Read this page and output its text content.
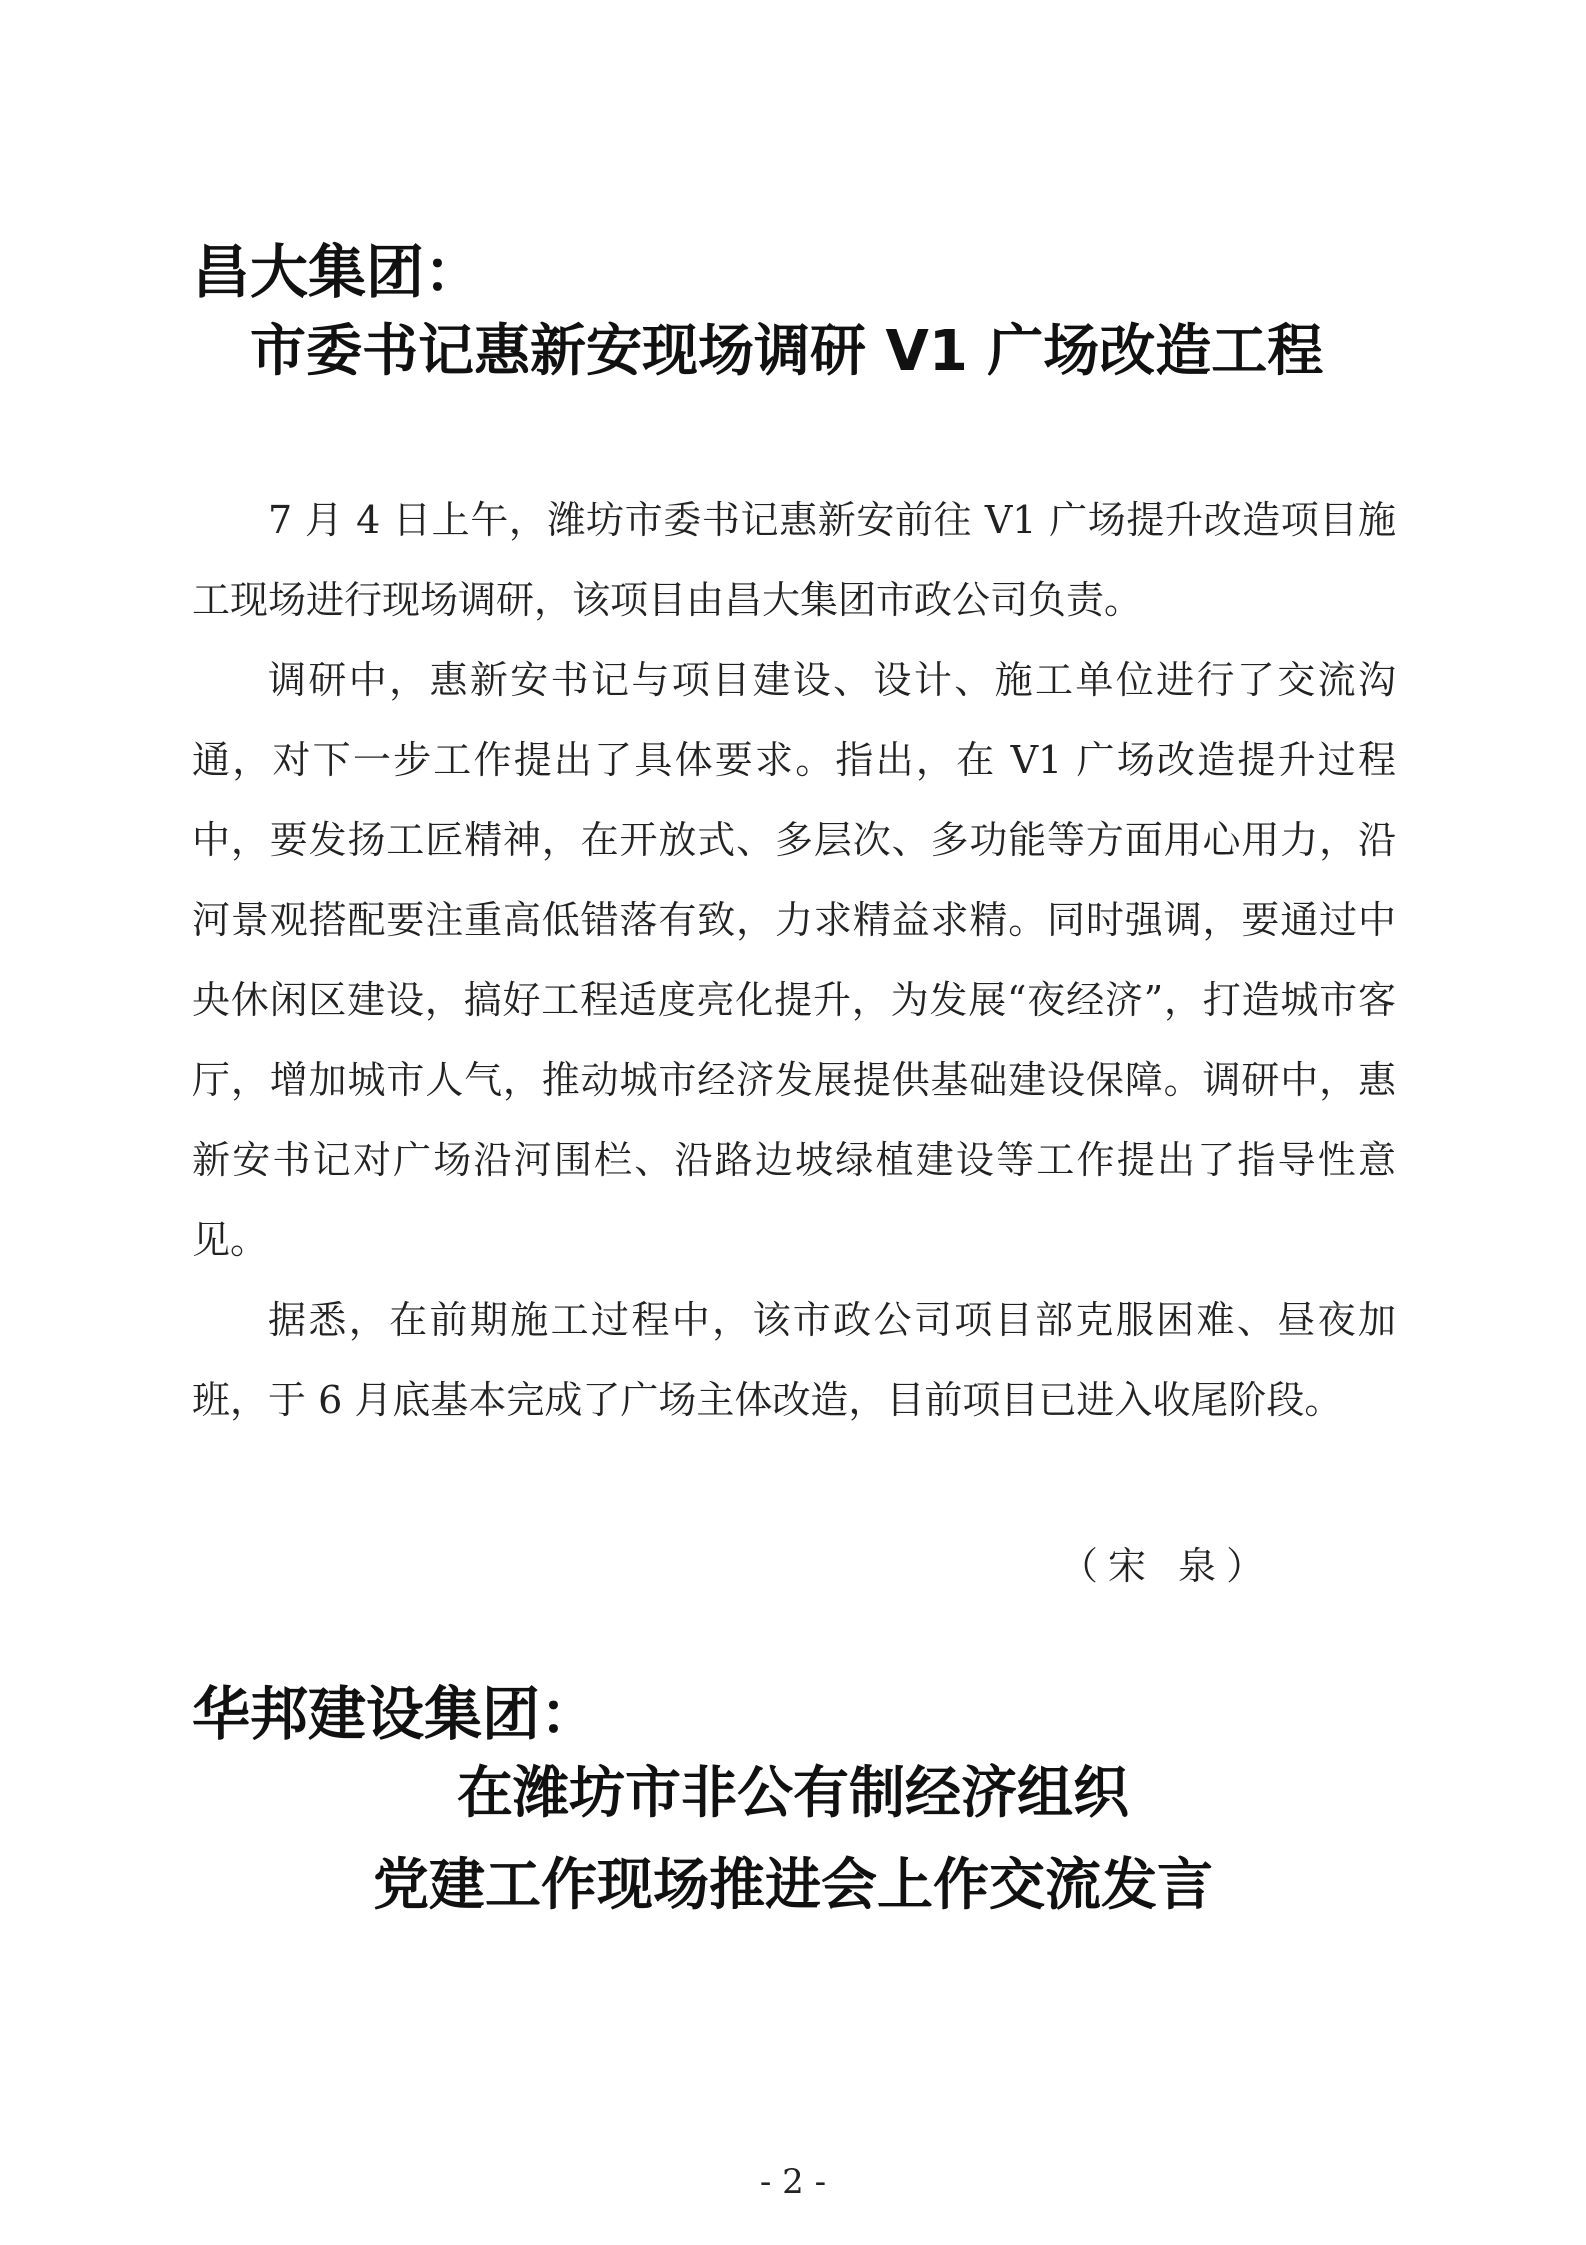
昌大集团：
市委书记惠新安现场调研 V1 广场改造工程

7 月 4 日上午，潍坊市委书记惠新安前往 V1 广场提升改造项目施工现场进行现场调研，该项目由昌大集团市政公司负责。

调研中，惠新安书记与项目建设、设计、施工单位进行了交流沟通，对下一步工作提出了具体要求。指出，在 V1 广场改造提升过程中，要发扬工匠精神，在开放式、多层次、多功能等方面用心用力，沿河景观搭配要注重高低错落有致，力求精益求精。同时强调，要通过中央休闲区建设，搞好工程适度亮化提升，为发展“夜经济”，打造城市客厅，增加城市人气，推动城市经济发展提供基础建设保障。调研中，惠新安书记对广场沿河围栏、沿路边坡绿植建设等工作提出了指导性意见。

据悉，在前期施工过程中，该市政公司项目部克服困难、昼夜加班，于 6 月底基本完成了广场主体改造，目前项目已进入收尾阶段。

（宋 泉）
华邦建设集团：
在潍坊市非公有制经济组织
党建工作现场推进会上作交流发言
- 2 -
